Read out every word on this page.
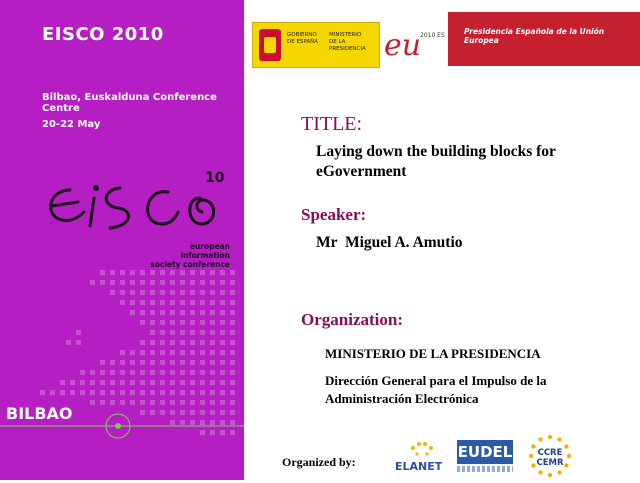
EISCO 2010
Bilbao, Euskalduna Conference Centre
20-22 May
10
european information
society conference
BILBAO
GOBIERNO
DE ESPAÑA
MINISTERIO
DE LA PRESIDENCIA eu
2010.ES	Presidencia Española de la Unión Europea
TITLE:
Laying down the building blocks for eGovernment
Speaker:
Mr  Miguel A. Amutio
Organization:
MINISTERIO DE LA PRESIDENCIA
Dirección General para el Impulso de la Administración Electrónica
Organized by:	ELANET
EUDEL	CCRE
CEMR
